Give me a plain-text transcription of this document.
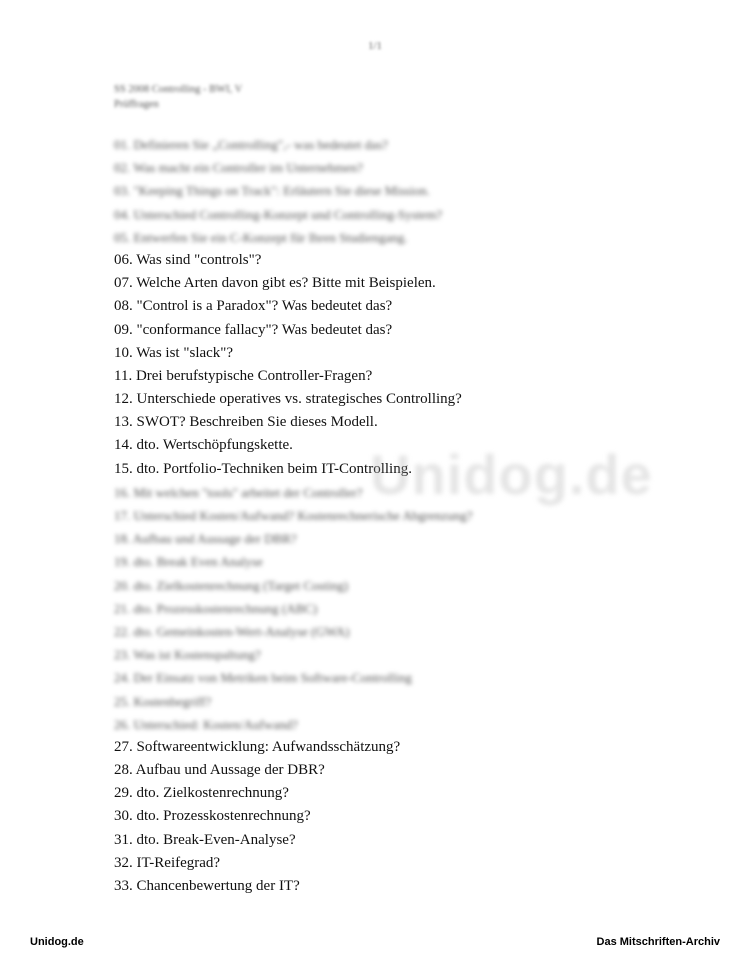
1/1
SS 2008 Controlling - BWI, V
Prüffragen
01. Definieren Sie „Controlling",- was bedeutet das?
02. Was macht ein Controller im Unternehmen?
03. "Keeping Things on Track": Erläutern Sie diese Mission.
04. Unterschied Controlling-Konzept und Controlling-System?
05. Entwerfen Sie ein C-Konzept für Ihren Studiengang.
06. Was sind "controls"?
07. Welche Arten davon gibt es? Bitte mit Beispielen.
08. "Control is a Paradox"? Was bedeutet das?
09. "conformance fallacy"? Was bedeutet das?
10. Was ist "slack"?
11. Drei berufstypische Controller-Fragen?
12. Unterschiede operatives vs. strategisches Controlling?
13. SWOT? Beschreiben Sie dieses Modell.
14. dto. Wertschöpfungskette.
15. dto. Portfolio-Techniken beim IT-Controlling.
16. Mit welchen "tools" arbeitet der Controller?
17. Unterschied Kosten/Aufwand? Kostenrechnerische Abgrenzung?
18. Aufbau und Aussage der DBR?
19. dto. Break Even Analyse
20. dto. Zielkostenrechnung (Target Costing)
21. dto. Prozesskostenrechnung (ABC)
22. dto. Gemeinkosten-Wert-Analyse (GWA)
23. Was ist Kostenspaltung?
24. Der Einsatz von Metriken beim Software-Controlling
25. Kostenbegriff?
26. Unterschied: Kosten/Aufwand?
27. Softwareentwicklung: Aufwandsschätzung?
28. Aufbau und Aussage der DBR?
29. dto. Zielkostenrechnung?
30. dto. Prozesskostenrechnung?
31. dto. Break-Even-Analyse?
32. IT-Reifegrad?
33. Chancenbewertung der IT?
Unidog.de
Unidog.de	Das Mitschriften-Archiv
